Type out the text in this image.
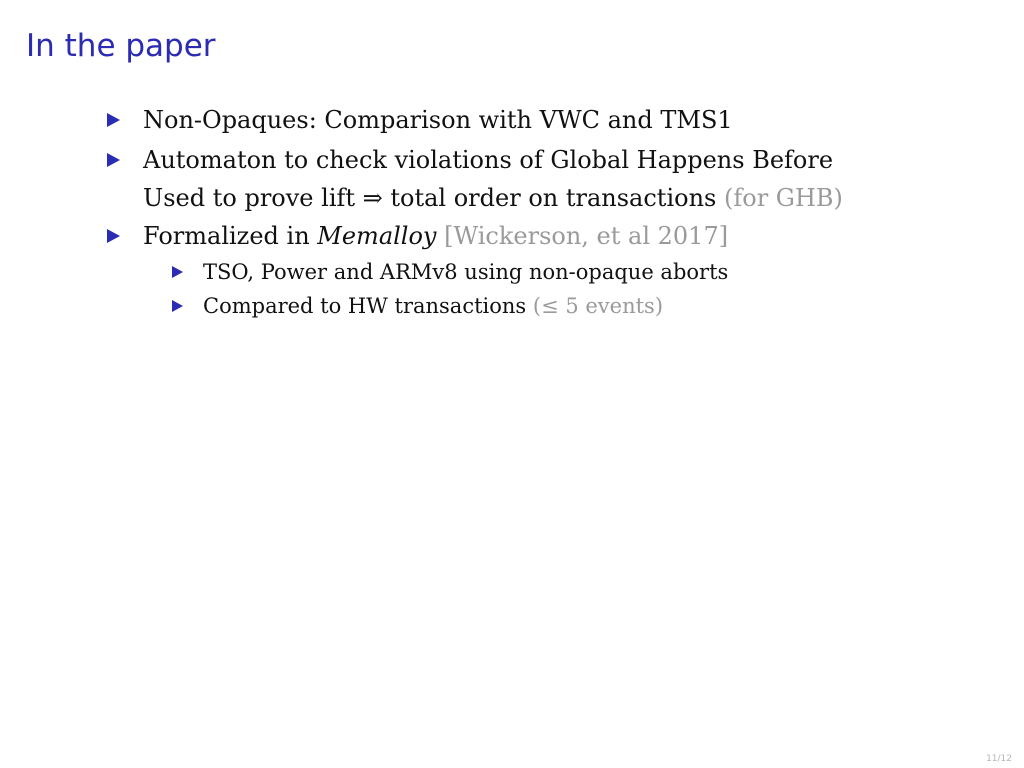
In the paper
Non-Opaques: Comparison with VWC and TMS1
Automaton to check violations of Global Happens Before
Used to prove lift ⇒ total order on transactions (for GHB)
Formalized in Memalloy [Wickerson, et al 2017]
TSO, Power and ARMv8 using non-opaque aborts
Compared to HW transactions (≤ 5 events)
11/12
